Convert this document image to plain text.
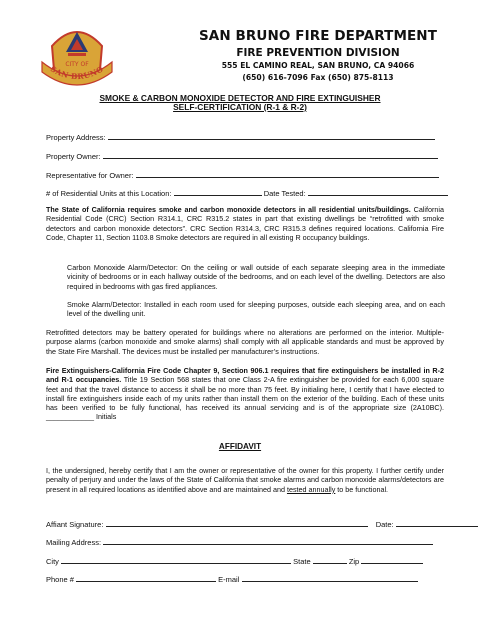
CITY OF
SAN BRUNO
SAN BRUNO FIRE DEPARTMENT
FIRE PREVENTION DIVISION
555 EL CAMINO REAL, SAN BRUNO, CA 94066
(650) 616-7096 Fax (650) 875-8113
SMOKE & CARBON MONOXIDE DETECTOR AND FIRE EXTINGUISHER
SELF-CERTIFICATION (R-1 & R-2)
Property Address:
Property Owner:
Representative for Owner:
# of Residential Units at this Location:	Date Tested:
The State of California requires smoke and carbon monoxide detectors in all residential units/buildings. California Residential Code (CRC) Section R314.1, CRC R315.2 states in part that existing dwellings be “retrofitted with smoke detectors and carbon monoxide detectors”. CRC Section R314.3, CRC R315.3 defines required locations. California Fire Code, Chapter 11, Section 1103.8 Smoke detectors are required in all existing R occupancy buildings.
Carbon Monoxide Alarm/Detector: On the ceiling or wall outside of each separate sleeping area in the immediate vicinity of bedrooms or in each hallway outside of the bedrooms, and on each level of the dwelling. Detectors are also required in bedrooms with gas fired appliances.
Smoke Alarm/Detector: Installed in each room used for sleeping purposes, outside each sleeping area, and on each level of the dwelling unit.
Retrofitted detectors may be battery operated for buildings where no alterations are performed on the interior. Multiple-purpose alarms (carbon monoxide and smoke alarms) shall comply with all applicable standards and must be approved by the State Fire Marshall. The devices must be installed per manufacturer’s instructions.
Fire Extinguishers-California Fire Code Chapter 9, Section 906.1 requires that fire extinguishers be installed in R-2 and R-1 occupancies. Title 19 Section 568 states that one Class 2-A fire extinguisher be provided for each 6,000 square feet and that the travel distance to access it shall be no more than 75 feet. By initialing here, I certify that I have elected to install fire extinguishers inside each of my units rather than install them on the exterior of the building. Each of these units has been verified to be fully functional, has received its annual servicing and is of the appropriate size (2A10BC). ____________ Initials
AFFIDAVIT
I, the undersigned, hereby certify that I am the owner or representative of the owner for this property. I further certify under penalty of perjury and under the laws of the State of California that smoke alarms and carbon monoxide alarms/detectors are present in all required locations as identified above and are maintained and tested annually to be functional.
Affiant Signature:	Date:
Mailing Address:
City	State	Zip
Phone #	E-mail
